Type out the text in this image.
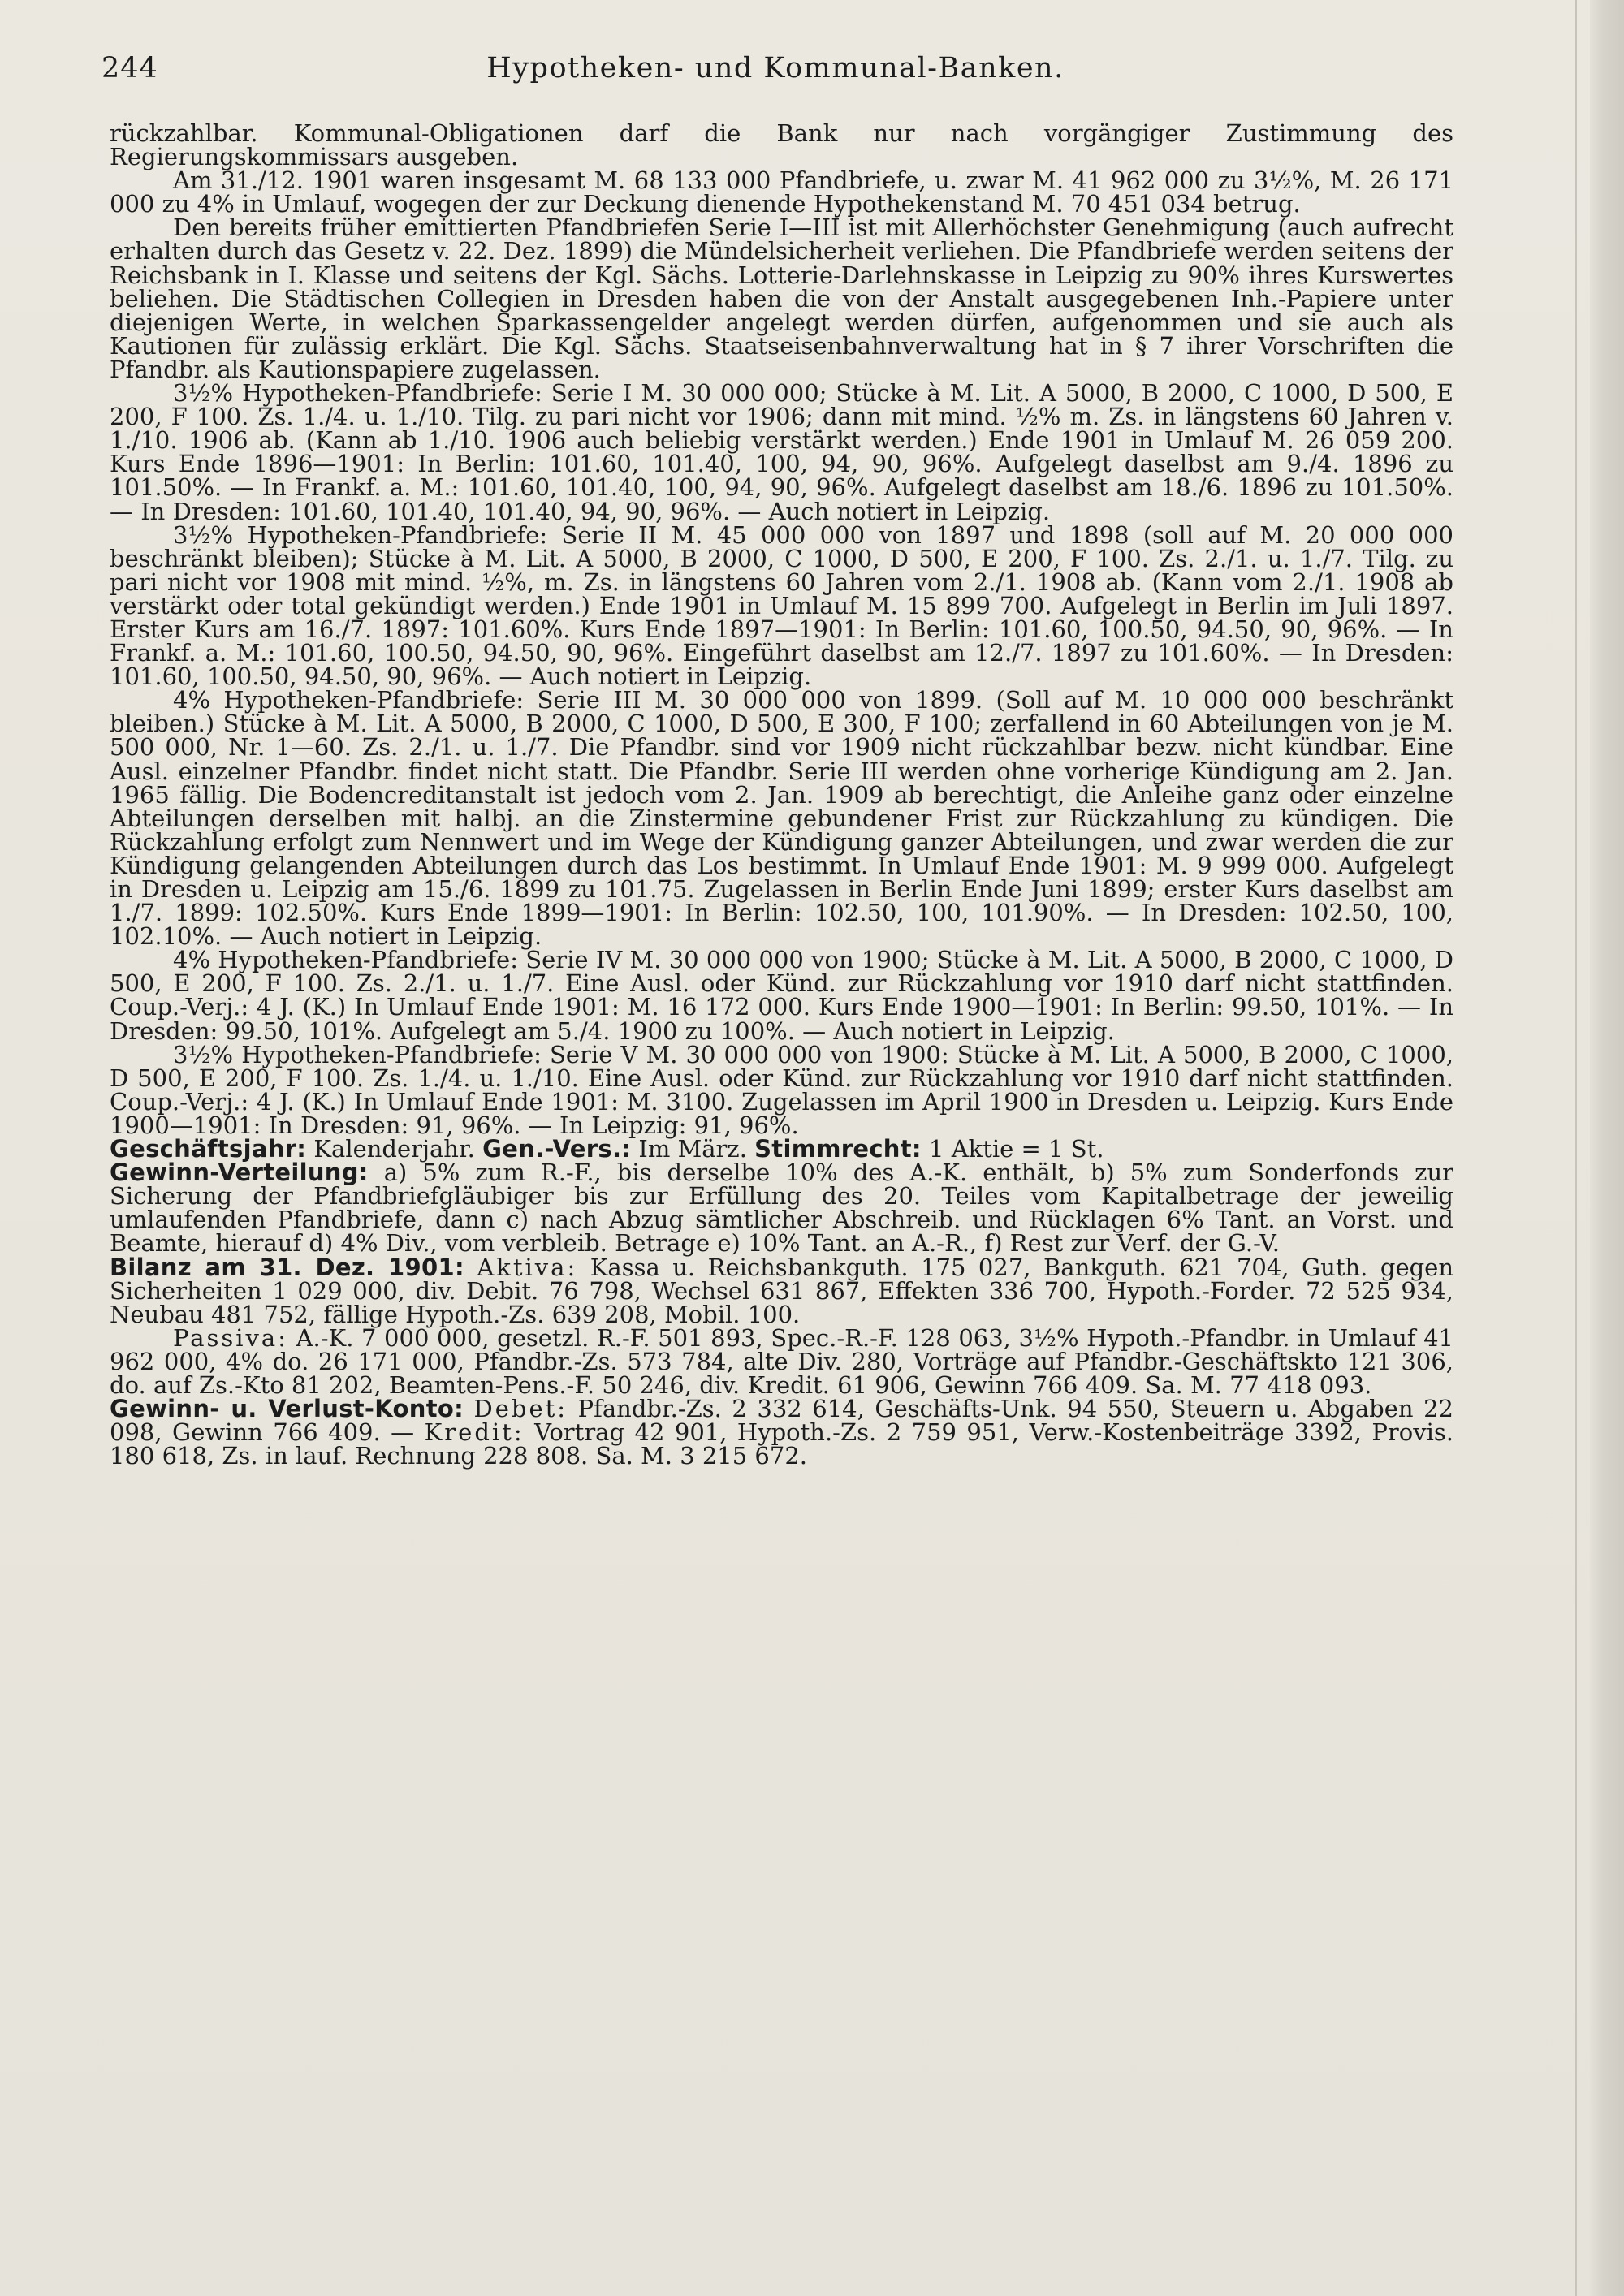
244	Hypotheken- und Kommunal-Banken.

rückzahlbar. Kommunal-Obligationen darf die Bank nur nach vorgängiger Zustimmung des Regierungskommissars ausgeben.

Am 31./12. 1901 waren insgesamt M. 68 133 000 Pfandbriefe, u. zwar M. 41 962 000 zu 3½%, M. 26 171 000 zu 4% in Umlauf, wogegen der zur Deckung dienende Hypothekenstand M. 70 451 034 betrug.

Den bereits früher emittierten Pfandbriefen Serie I—III ist mit Allerhöchster Genehmigung (auch aufrecht erhalten durch das Gesetz v. 22. Dez. 1899) die Mündelsicherheit verliehen. Die Pfandbriefe werden seitens der Reichsbank in I. Klasse und seitens der Kgl. Sächs. Lotterie-Darlehnskasse in Leipzig zu 90% ihres Kurswertes beliehen. Die Städtischen Collegien in Dresden haben die von der Anstalt ausgegebenen Inh.-Papiere unter diejenigen Werte, in welchen Sparkassengelder angelegt werden dürfen, aufgenommen und sie auch als Kautionen für zulässig erklärt. Die Kgl. Sächs. Staatseisenbahnverwaltung hat in § 7 ihrer Vorschriften die Pfandbr. als Kautionspapiere zugelassen.

3½% Hypotheken-Pfandbriefe: Serie I M. 30 000 000; Stücke à M. Lit. A 5000, B 2000, C 1000, D 500, E 200, F 100. Zs. 1./4. u. 1./10. Tilg. zu pari nicht vor 1906; dann mit mind. ½% m. Zs. in längstens 60 Jahren v. 1./10. 1906 ab. (Kann ab 1./10. 1906 auch beliebig verstärkt werden.) Ende 1901 in Umlauf M. 26 059 200. Kurs Ende 1896—1901: In Berlin: 101.60, 101.40, 100, 94, 90, 96%. Aufgelegt daselbst am 9./4. 1896 zu 101.50%. — In Frankf. a. M.: 101.60, 101.40, 100, 94, 90, 96%. Aufgelegt daselbst am 18./6. 1896 zu 101.50%. — In Dresden: 101.60, 101.40, 101.40, 94, 90, 96%. — Auch notiert in Leipzig.

3½% Hypotheken-Pfandbriefe: Serie II M. 45 000 000 von 1897 und 1898 (soll auf M. 20 000 000 beschränkt bleiben); Stücke à M. Lit. A 5000, B 2000, C 1000, D 500, E 200, F 100. Zs. 2./1. u. 1./7. Tilg. zu pari nicht vor 1908 mit mind. ½%, m. Zs. in längstens 60 Jahren vom 2./1. 1908 ab. (Kann vom 2./1. 1908 ab verstärkt oder total gekündigt werden.) Ende 1901 in Umlauf M. 15 899 700. Aufgelegt in Berlin im Juli 1897. Erster Kurs am 16./7. 1897: 101.60%. Kurs Ende 1897—1901: In Berlin: 101.60, 100.50, 94.50, 90, 96%. — In Frankf. a. M.: 101.60, 100.50, 94.50, 90, 96%. Eingeführt daselbst am 12./7. 1897 zu 101.60%. — In Dresden: 101.60, 100.50, 94.50, 90, 96%. — Auch notiert in Leipzig.

4% Hypotheken-Pfandbriefe: Serie III M. 30 000 000 von 1899. (Soll auf M. 10 000 000 beschränkt bleiben.) Stücke à M. Lit. A 5000, B 2000, C 1000, D 500, E 300, F 100; zerfallend in 60 Abteilungen von je M. 500 000, Nr. 1—60. Zs. 2./1. u. 1./7. Die Pfandbr. sind vor 1909 nicht rückzahlbar bezw. nicht kündbar. Eine Ausl. einzelner Pfandbr. findet nicht statt. Die Pfandbr. Serie III werden ohne vorherige Kündigung am 2. Jan. 1965 fällig. Die Bodencreditanstalt ist jedoch vom 2. Jan. 1909 ab berechtigt, die Anleihe ganz oder einzelne Abteilungen derselben mit halbj. an die Zinstermine gebundener Frist zur Rückzahlung zu kündigen. Die Rückzahlung erfolgt zum Nennwert und im Wege der Kündigung ganzer Abteilungen, und zwar werden die zur Kündigung gelangenden Abteilungen durch das Los bestimmt. In Umlauf Ende 1901: M. 9 999 000. Aufgelegt in Dresden u. Leipzig am 15./6. 1899 zu 101.75. Zugelassen in Berlin Ende Juni 1899; erster Kurs daselbst am 1./7. 1899: 102.50%. Kurs Ende 1899—1901: In Berlin: 102.50, 100, 101.90%. — In Dresden: 102.50, 100, 102.10%. — Auch notiert in Leipzig.

4% Hypotheken-Pfandbriefe: Serie IV M. 30 000 000 von 1900; Stücke à M. Lit. A 5000, B 2000, C 1000, D 500, E 200, F 100. Zs. 2./1. u. 1./7. Eine Ausl. oder Künd. zur Rückzahlung vor 1910 darf nicht stattfinden. Coup.-Verj.: 4 J. (K.) In Umlauf Ende 1901: M. 16 172 000. Kurs Ende 1900—1901: In Berlin: 99.50, 101%. — In Dresden: 99.50, 101%. Aufgelegt am 5./4. 1900 zu 100%. — Auch notiert in Leipzig.

3½% Hypotheken-Pfandbriefe: Serie V M. 30 000 000 von 1900: Stücke à M. Lit. A 5000, B 2000, C 1000, D 500, E 200, F 100. Zs. 1./4. u. 1./10. Eine Ausl. oder Künd. zur Rückzahlung vor 1910 darf nicht stattfinden. Coup.-Verj.: 4 J. (K.) In Umlauf Ende 1901: M. 3100. Zugelassen im April 1900 in Dresden u. Leipzig. Kurs Ende 1900—1901: In Dresden: 91, 96%. — In Leipzig: 91, 96%.

Geschäftsjahr: Kalenderjahr. Gen.-Vers.: Im März. Stimmrecht: 1 Aktie = 1 St.

Gewinn-Verteilung: a) 5% zum R.-F., bis derselbe 10% des A.-K. enthält, b) 5% zum Sonderfonds zur Sicherung der Pfandbriefgläubiger bis zur Erfüllung des 20. Teiles vom Kapitalbetrage der jeweilig umlaufenden Pfandbriefe, dann c) nach Abzug sämtlicher Abschreib. und Rücklagen 6% Tant. an Vorst. und Beamte, hierauf d) 4% Div., vom verbleib. Betrage e) 10% Tant. an A.-R., f) Rest zur Verf. der G.-V.

Bilanz am 31. Dez. 1901: Aktiva: Kassa u. Reichsbankguth. 175 027, Bankguth. 621 704, Guth. gegen Sicherheiten 1 029 000, div. Debit. 76 798, Wechsel 631 867, Effekten 336 700, Hypoth.-Forder. 72 525 934, Neubau 481 752, fällige Hypoth.-Zs. 639 208, Mobil. 100.

Passiva: A.-K. 7 000 000, gesetzl. R.-F. 501 893, Spec.-R.-F. 128 063, 3½% Hypoth.-Pfandbr. in Umlauf 41 962 000, 4% do. 26 171 000, Pfandbr.-Zs. 573 784, alte Div. 280, Vorträge auf Pfandbr.-Geschäftskto 121 306, do. auf Zs.-Kto 81 202, Beamten-Pens.-F. 50 246, div. Kredit. 61 906, Gewinn 766 409. Sa. M. 77 418 093.

Gewinn- u. Verlust-Konto: Debet: Pfandbr.-Zs. 2 332 614, Geschäfts-Unk. 94 550, Steuern u. Abgaben 22 098, Gewinn 766 409. — Kredit: Vortrag 42 901, Hypoth.-Zs. 2 759 951, Verw.-Kostenbeiträge 3392, Provis. 180 618, Zs. in lauf. Rechnung 228 808. Sa. M. 3 215 672.
